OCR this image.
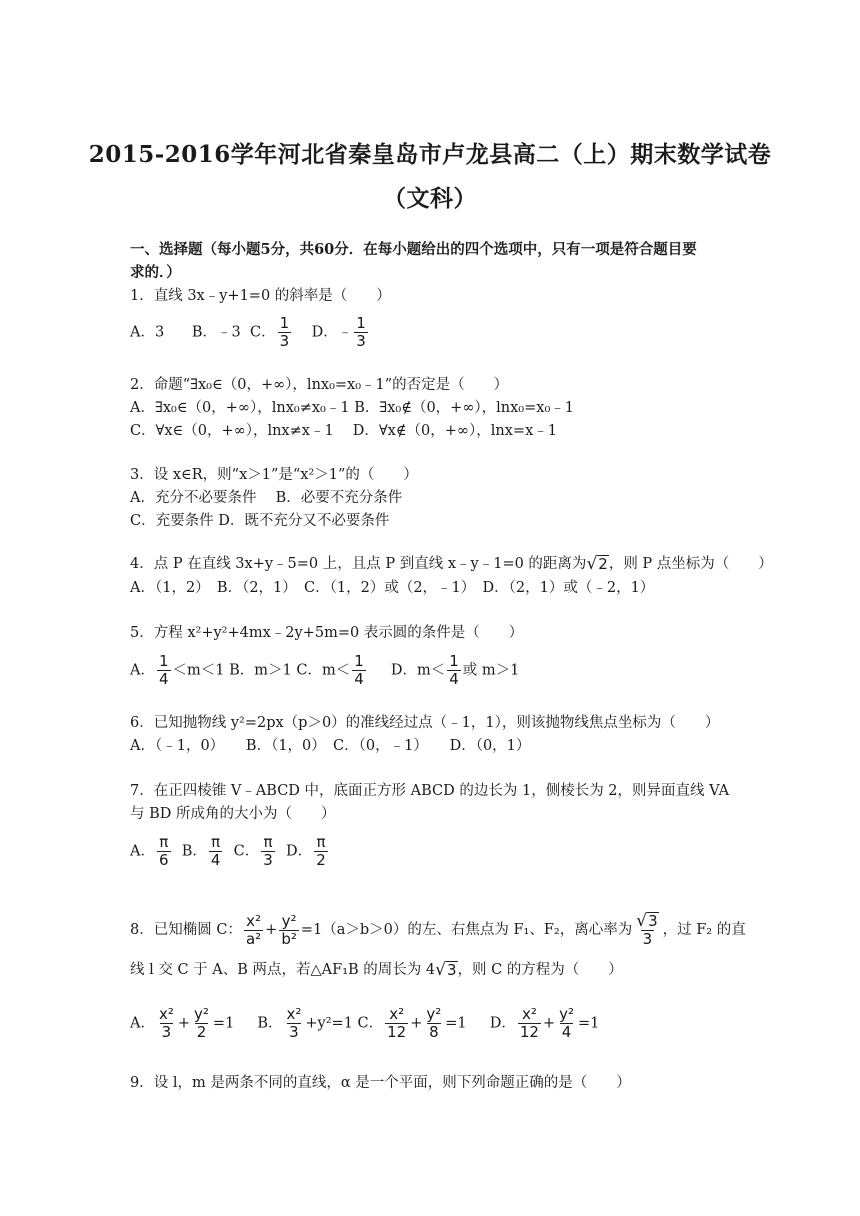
2015-2016学年河北省秦皇岛市卢龙县高二（上）期末数学试卷
（文科）
一、选择题（每小题5分，共60分．在每小题给出的四个选项中，只有一项是符合题目要
求的．）
1．直线 3x﹣y+1=0 的斜率是（　　）
A．3 B．﹣3 C． $\frac{1}{3}$ D．﹣ $\frac{1}{3}$
2．命题“∃x₀∈（0，+∞），lnx₀=x₀﹣1”的否定是（　　）
A．∃x₀∈（0，+∞），lnx₀≠x₀﹣1 B．∃x₀∉（0，+∞），lnx₀=x₀﹣1
C．∀x∈（0，+∞），lnx≠x﹣1　 D．∀x∉（0，+∞），lnx=x﹣1
3．设 x∈R，则“x＞1”是“x²＞1”的（　　）
A．充分不必要条件　 B．必要不充分条件
C．充要条件 D．既不充分又不必要条件
4．点 P 在直线 3x+y﹣5=0 上，且点 P 到直线 x﹣y﹣1=0 的距离为 √ 2 ，则 P 点坐标为（　　）
A．（1，2）　B．（2，1）　C．（1，2）或（2，﹣1）　D．（2，1）或（﹣2，1）
5．方程 x²+y²+4mx﹣2y+5m=0 表示圆的条件是（　　）
A． $\frac{1}{4} <m<1$ B．m＞1 C．$m< \frac{1}{4}$ D．$m< \frac{1}{4}$ 或 m＞1
6．已知抛物线 y²=2px（p＞0）的准线经过点（﹣1，1），则该抛物线焦点坐标为（　　）
A．（﹣1，0）　　B．（1，0）　C．（0，﹣1）　　D．（0，1）
7．在正四棱锥 V﹣ABCD 中，底面正方形 ABCD 的边长为 1，侧棱长为 2，则异面直线 VA
与 BD 所成角的大小为（　　）
A． $\frac{\pi}{6}$ B． $\frac{\pi}{4}$ C． $\frac{\pi}{3}$ D． $\frac{\pi}{2}$
8．已知椭圆 C： $\frac{\text{x²}}{\text{a²}} + \frac{\text{y²}}{\text{b²}} =1(a>b>0)$的左、右焦点为 F₁、F₂，离心率为 $\frac{√ 3}{3}$ ，过 F₂ 的直
线 l 交 C 于 A、B 两点，若△AF₁B 的周长为 4 √ 3 ，则 C 的方程为（　　）
A． $\frac{\text{x²}}{3} + \frac{\text{y²}}{2} =1$     B． $\frac{\text{x²}}{3} +y^2=1$ C． $\frac{\text{x²}}{12} + \frac{\text{y²}}{8} =1$     D． $\frac{\text{x²}}{12} + \frac{\text{y²}}{4} =1$
9．设 l，m 是两条不同的直线，α 是一个平面，则下列命题正确的是（　　）
